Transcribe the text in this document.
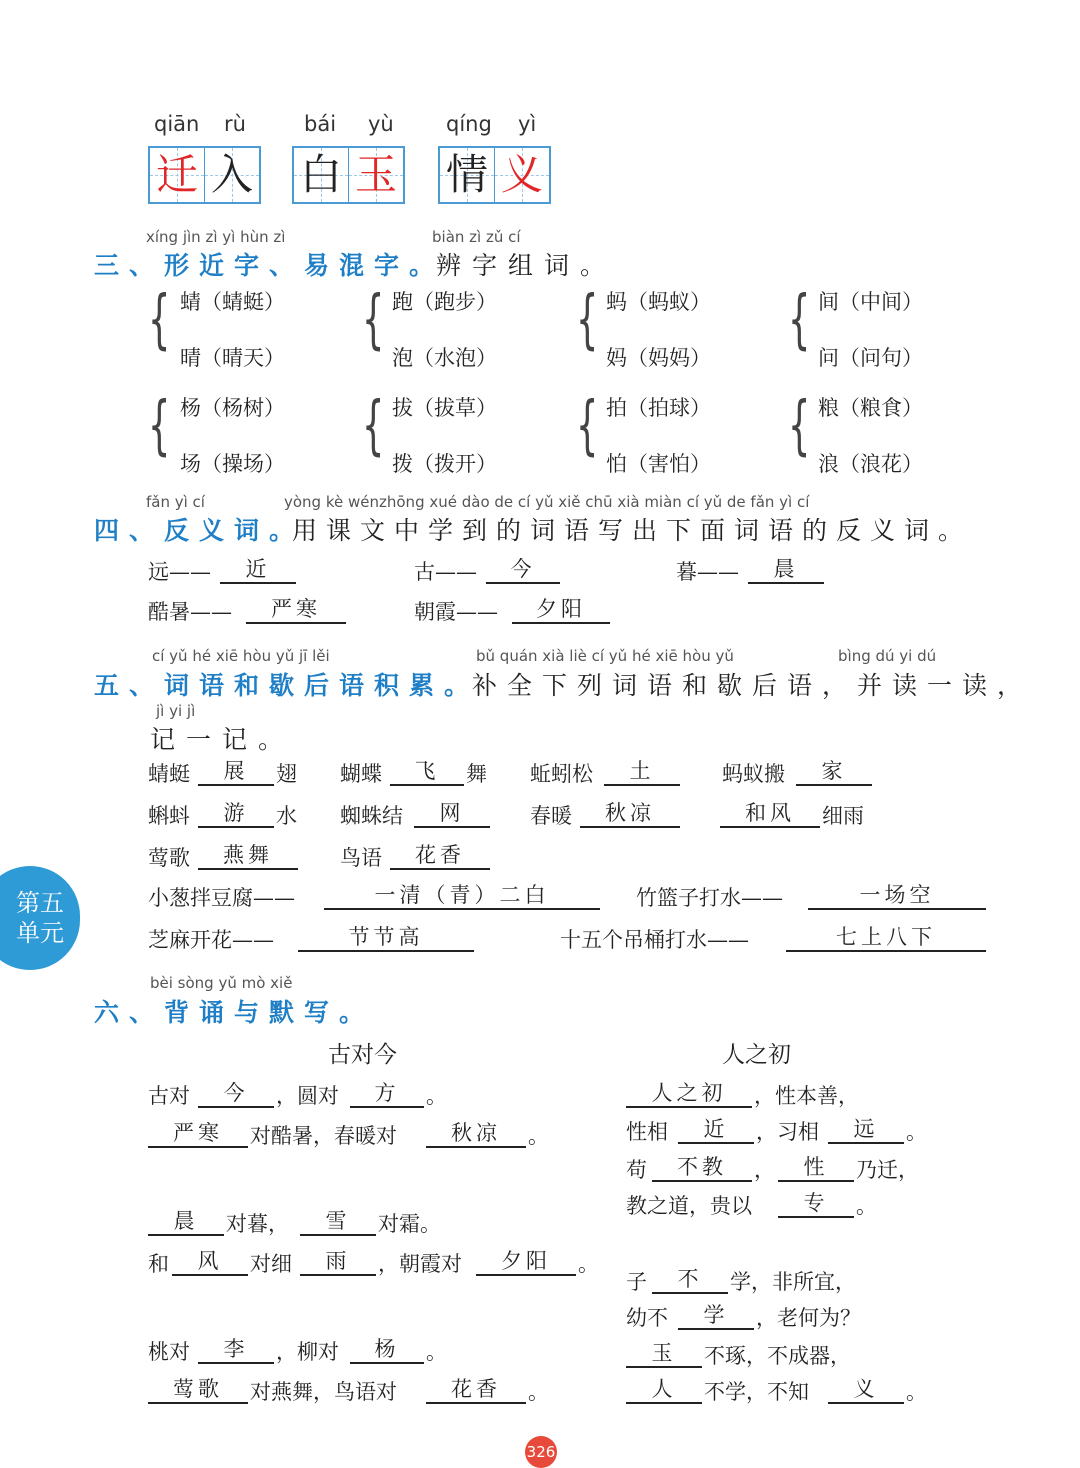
qiān rù	bái yù qíng yì
迁 入 白 玉 情 义
xíng jìn zì yì hùn zì	biàn zì zǔ cí
三、形近字、易混字。
辨字组词。
{ 蜻（蜻蜓）
晴（晴天）
{ 跑（跑步）
泡（水泡）
{ 蚂（蚂蚁）
妈（妈妈）
{ 间（中间）
问（问句）
{ 杨（杨树）
场（操场）
{ 拔（拔草）
拨（拨开）
{ 拍（拍球）
怕（害怕）
{ 粮（粮食）
浪（浪花）
fǎn yì cí	yòng kè wénzhōng xué dào de cí yǔ xiě chū xià miàn cí yǔ de fǎn yì cí
四、反义词。
用课文中学到的词语写出下面词语的反义词。
远——	近	古——	今	暮——	晨
酷暑——	严寒	朝霞——	夕阳
cí yǔ hé xiē hòu yǔ jī lěi	bǔ quán xià liè cí yǔ hé xiē hòu yǔ	bìng dú yi dú
五、词语和歇后语积累。
补全下列词语和歇后语，并读一读，
jì yi jì
记一记。
蜻蜓	展	翅 蝴蝶	飞	舞 蚯蚓松	土	蚂蚁搬	家
蝌蚪	游	水 蜘蛛结	网	春暖	秋凉	和风	细雨
莺歌	燕舞	鸟语	花香
小葱拌豆腐——	一清（青）二白	竹篮子打水——	一场空
芝麻开花——	节节高	十五个吊桶打水——	七上八下
第五
单元
bèi sòng yǔ mò xiě
六、背诵与默写。
古对今	人之初
古对	今	，圆对	方	。
严寒	对酷暑，春暖对	秋凉	。
晨	对暮，	雪	对霜。
和	风	对细	雨	，朝霞对	夕阳	。
桃对	李	，柳对	杨	。
莺歌	对燕舞，鸟语对	花香	。
人之初	，性本善，
性相	近	，习相	远	。
苟	不教	，	性	乃迁，
教之道，贵以	专	。
子	不	学，非所宜，
幼不	学	，老何为？
玉	不琢，不成器，
人	不学，不知	义	。
326
